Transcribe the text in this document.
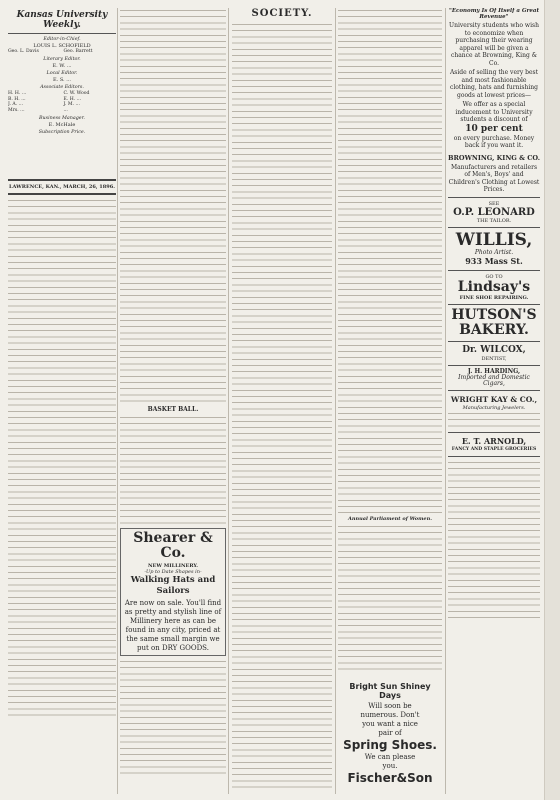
Kansas University Weekly.
Editor-in-Chief.
LOUIS L. SCHOFIELD
Geo. L. Davis	Geo. Barrett
Literary Editor.
E. W. ...
Local Editor.
E. S. ...
Associate Editors.
H. H. ...	C. W. Wood
B. H. ...	E. H. ...
J. A. ...	J. M. ...
Mrs. ...	...
Business Manager.
E. McHale
Subscription Price.
LAWRENCE, KAN., MARCH, 26, 1896.
BASKET BALL.
Shearer & Co.
NEW MILLINERY.
-Up to Date Shapes in-
Walking Hats and Sailors
Are now on sale. You'll find as pretty and stylish line of Millinery here as can be found in any city, priced at the same small margin we put on DRY GOODS.
SOCIETY.
Annual Parliament of Women.
Bright Sun Shiney Days
Will soon be
numerous. Don't
you want a nice
pair of
Spring Shoes.
We can please
you.
Fischer&Son
"Economy Is Of Itself a Great Revenue"
University students who wish to economize when purchasing their wearing apparel will be given a chance at Browning, King & Co.
Aside of selling the very best and most fashionable clothing, hats and furnishing goods at lowest prices—
We offer as a special inducement to University students a discount of
10 per cent
on every purchase. Money back if you want it.
BROWNING, KING & CO.
Manufacturers and retailers of Men's, Boys' and Children's Clothing at Lowest Prices.
SEE
O.P. LEONARD
THE TAILOR.
WILLIS,
Photo Artist.
933 Mass St.
GO TO
Lindsay's
FINE SHOE REPAIRING.
HUTSON'S
BAKERY.
Dr. WILCOX,
DENTIST,
J. H. HARDING,
Imported and Domestic Cigars,
WRIGHT KAY & CO.,
Manufacturing Jewelers.
E. T. ARNOLD,
FANCY AND STAPLE GROCERIES
